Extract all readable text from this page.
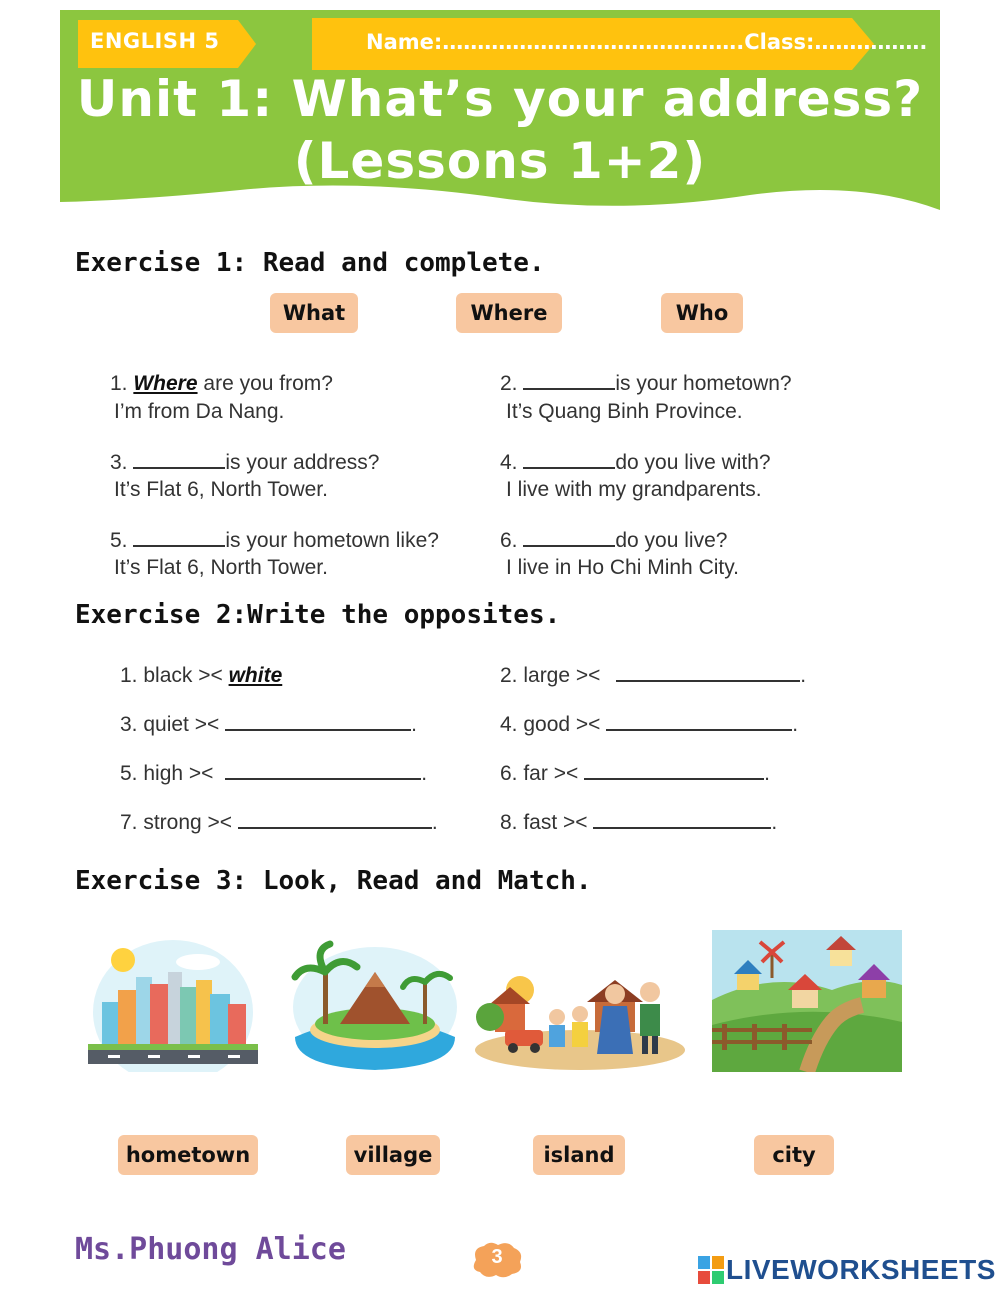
ENGLISH 5	Name:…………………………………….Class:…………….
Unit 1: What’s your address?
(Lessons 1+2)
Exercise 1: Read and complete.
What	Where	Who
1. Where are you from?
I’m from Da Nang.
2.	is your hometown?
It’s Quang Binh Province.
3.	is your address?
It’s Flat 6, North Tower.
4.	do you live with?
I live with my grandparents.
5.	is your hometown like?
It’s Flat 6, North Tower.
6.	do you live?
I live in Ho Chi Minh City.
Exercise 2:Write the opposites.
1. black >< white	2. large ><	.
3. quiet ><	.	4. good ><	.
5. high ><	.	6. far ><	.
7. strong ><	.	8. fast ><	.
Exercise 3: Look, Read and Match.
hometown	village	island	city
Ms.Phuong Alice	3	LIVEWORKSHEETS
